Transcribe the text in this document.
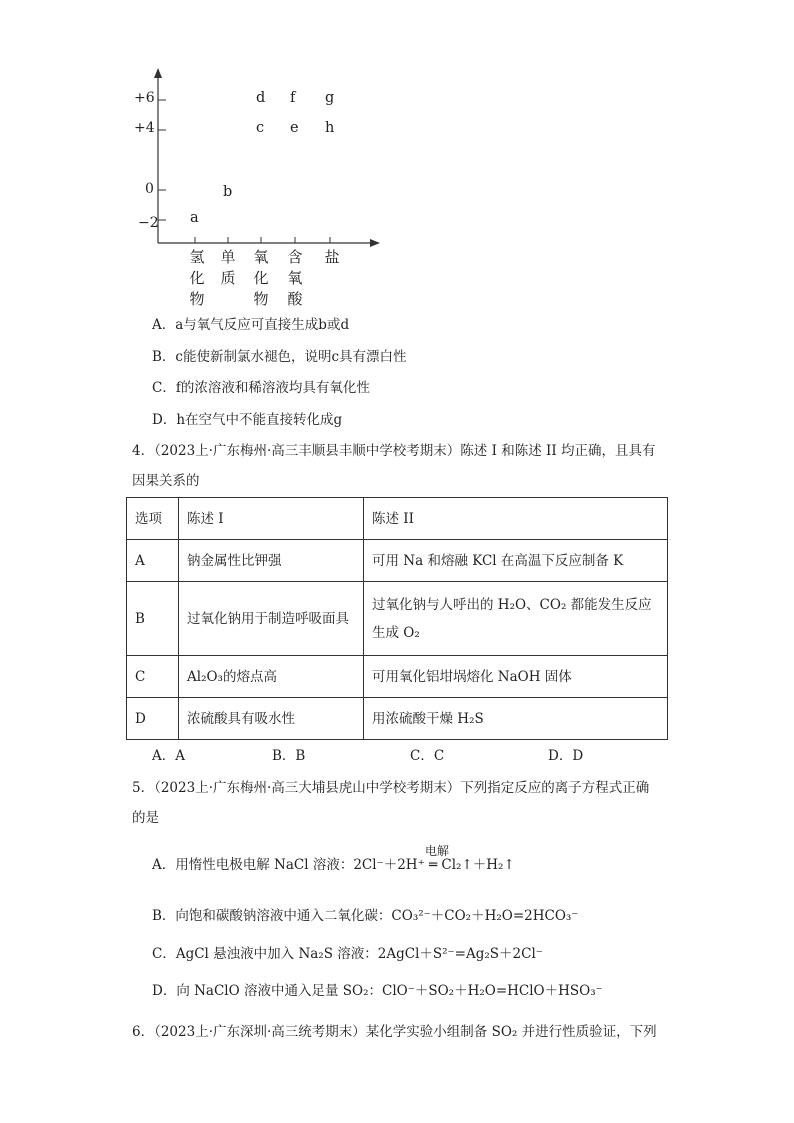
+6
+4
0
−2
氢化物
单质
氧化物
含氧酸
盐
a
b
c
d
e
f g
h
A．a与氧气反应可直接生成b或d
B．c能使新制氯水褪色，说明c具有漂白性
C．f的浓溶液和稀溶液均具有氧化性
D．h在空气中不能直接转化成g
4．（2023上·广东梅州·高三丰顺县丰顺中学校考期末）陈述 I 和陈述 II 均正确，且具有
因果关系的
选项	陈述 I	陈述 II
A	钠金属性比钾强	可用 Na 和熔融 KCl 在高温下反应制备 K
B	过氧化钠用于制造呼吸面具	过氧化钠与人呼出的 H₂O、CO₂ 都能发生反应生成 O₂
C	Al₂O₃的熔点高	可用氧化铝坩埚熔化 NaOH 固体
D	浓硫酸具有吸水性	用浓硫酸干燥 H₂S
A．A	B．B	C．C	D．D
5．（2023上·广东梅州·高三大埔县虎山中学校考期末）下列指定反应的离子方程式正确
的是
电解
A．用惰性电极电解 NaCl 溶液：2Cl⁻＋2H⁺ ═ Cl₂↑＋H₂↑
B．向饱和碳酸钠溶液中通入二氧化碳：CO₃²⁻＋CO₂＋H₂O=2HCO₃⁻
C．AgCl 悬浊液中加入 Na₂S 溶液：2AgCl＋S²⁻=Ag₂S＋2Cl⁻
D．向 NaClO 溶液中通入足量 SO₂：ClO⁻＋SO₂＋H₂O=HClO＋HSO₃⁻
6．（2023上·广东深圳·高三统考期末）某化学实验小组制备 SO₂ 并进行性质验证，下列
